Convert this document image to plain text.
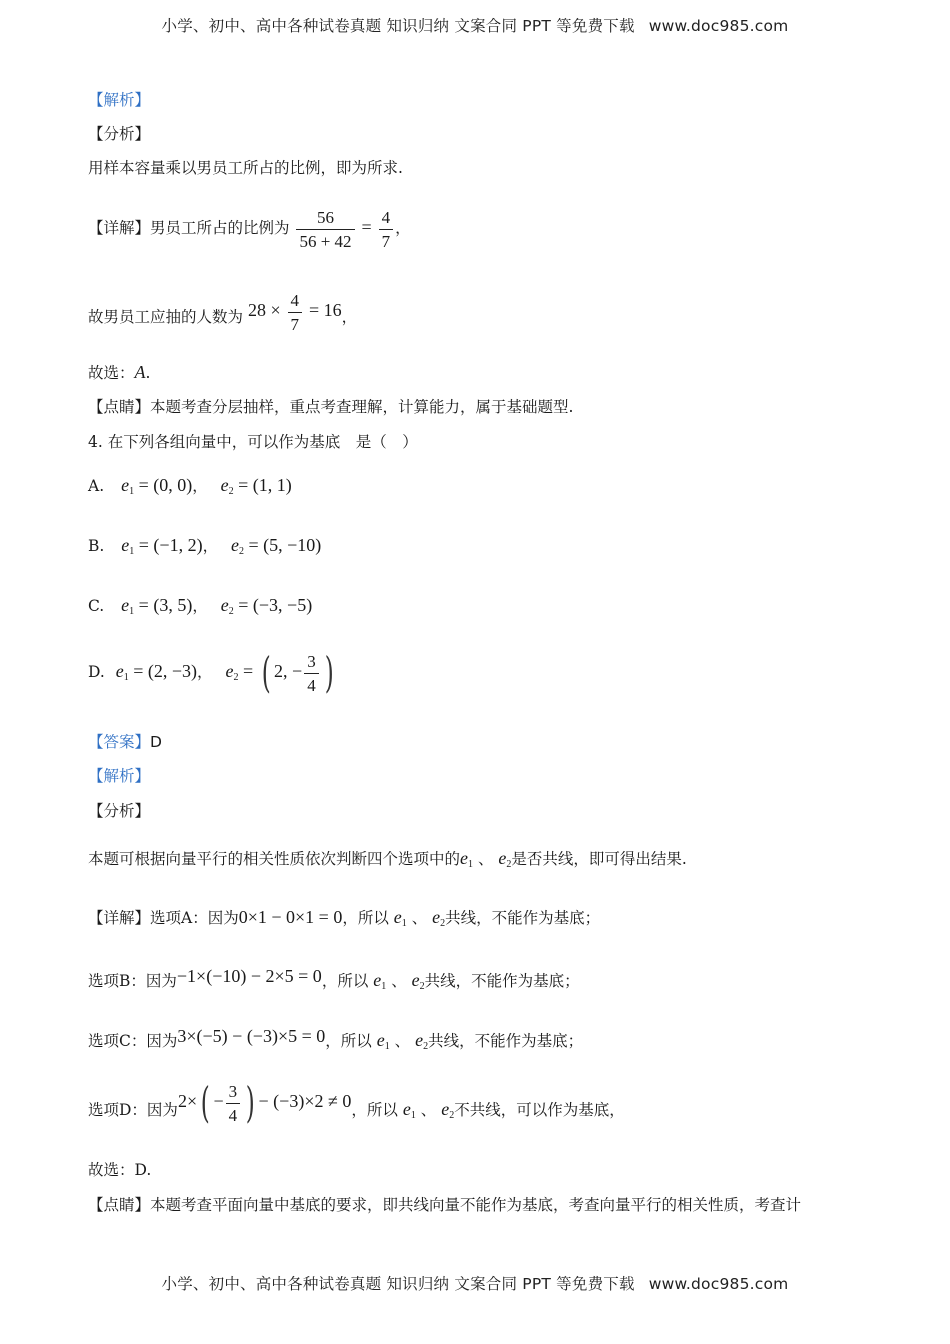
小学、初中、高中各种试卷真题 知识归纳 文案合同 PPT 等免费下载 www.doc985.com
【解析】
【分析】
用样本容量乘以男员工所占的比例，即为所求.
【详解】男员工所占的比例为 $\frac{56}{56 + 42} = \frac{4}{7}$ ，
故男员工应抽的人数为 $28 \times \frac{4}{7} = 16$，
故选：A.
【点睛】本题考查分层抽样，重点考查理解，计算能力，属于基础题型.
4. 在下列各组向量中，可以作为基底　是（　）
A. $e_1 = (0$, 0)， $e_2 = (1$, 1)
B. $e_1 = (-1$, 2)， $e_2 = (5$, −10)
C. $e_1 = (3$, 5)， $e_2 = (-3$, −5)
D. $e_1 = (2$, −3)， $e_2$ = ( 2, − $\frac{3}{4}$ )
【答案】D
【解析】
【分析】
本题可根据向量平行的相关性质依次判断四个选项中的$e_1$ 、 $e_2$是否共线，即可得出结果.
【详解】选项A：因为0×1 − 0×1 = 0，所以 $e_1$ 、 $e_2$共线，不能作为基底；
选项B：因为−1×(−10) − 2×5 = 0，所以 $e_1$ 、 $e_2$共线，不能作为基底；
选项C：因为3×(−5) − (−3)×5 = 0，所以 $e_1$ 、 $e_2$共线，不能作为基底；
选项D：因为$2\times( - \frac{3}{4}$ ) − (−3)×2 ≠ 0，所以 $e_1$ 、 $e_2$不共线，可以作为基底，
故选：D.
【点睛】本题考查平面向量中基底的要求，即共线向量不能作为基底，考查向量平行的相关性质，考查计
小学、初中、高中各种试卷真题 知识归纳 文案合同 PPT 等免费下载 www.doc985.com
